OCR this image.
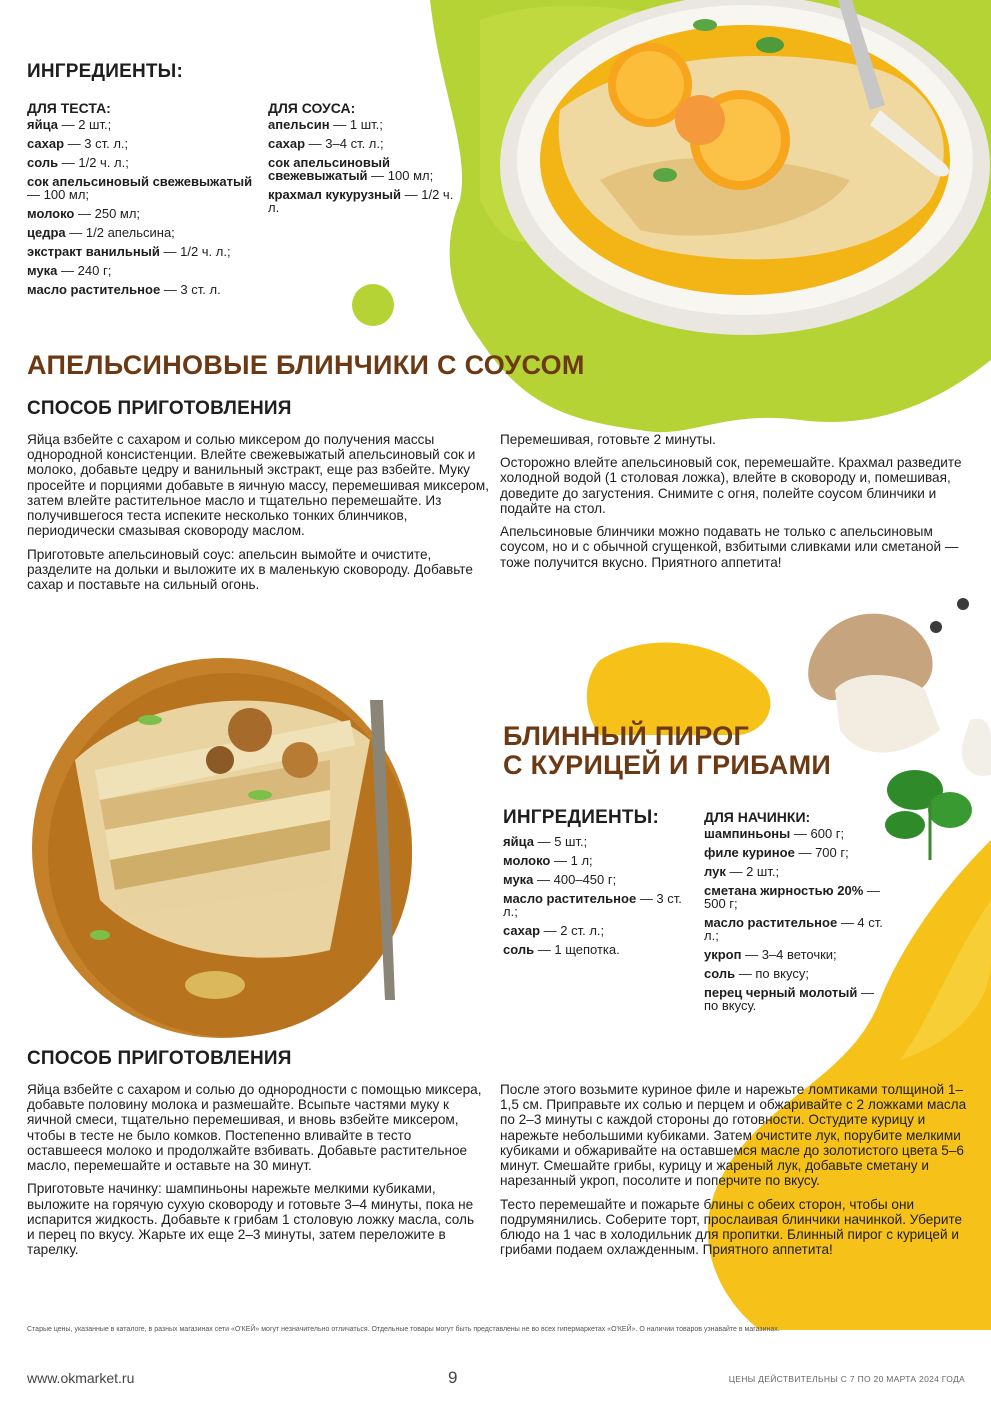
ИНГРЕДИЕНТЫ:
ДЛЯ ТЕСТА:
яйца — 2 шт.;
сахар — 3 ст. л.;
соль — 1/2 ч. л.;
сок апельсиновый свежевыжатый — 100 мл;
молоко — 250 мл;
цедра — 1/2 апельсина;
экстракт ванильный — 1/2 ч. л.;
мука — 240 г;
масло растительное — 3 ст. л.
ДЛЯ СОУСА:
апельсин — 1 шт.;
сахар — 3–4 ст. л.;
сок апельсиновый свежевыжатый — 100 мл;
крахмал кукурузный — 1/2 ч. л.
АПЕЛЬСИНОВЫЕ БЛИНЧИКИ С СОУСОМ
СПОСОБ ПРИГОТОВЛЕНИЯ

Яйца взбейте с сахаром и солью миксером до получения массы однородной консистенции. Влейте свежевыжатый апельсиновый сок и молоко, добавьте цедру и ванильный экстракт, еще раз взбейте. Муку просейте и порциями добавьте в яичную массу, перемешивая миксером, затем влейте растительное масло и тщательно перемешайте. Из получившегося теста испеките несколько тонких блинчиков, периодически смазывая сковороду маслом.

Приготовьте апельсиновый соус: апельсин вымойте и очистите, разделите на дольки и выложите их в маленькую сковороду. Добавьте сахар и поставьте на сильный огонь.

Перемешивая, готовьте 2 минуты.

Осторожно влейте апельсиновый сок, перемешайте. Крахмал разведите холодной водой (1 столовая ложка), влейте в сковороду и, помешивая, доведите до загустения. Снимите с огня, полейте соусом блинчики и подайте на стол.

Апельсиновые блинчики можно подавать не только с апельсиновым соусом, но и с обычной сгущенкой, взбитыми сливками или сметаной — тоже получится вкусно. Приятного аппетита!

БЛИННЫЙ ПИРОГ
С КУРИЦЕЙ И ГРИБАМИ
ИНГРЕДИЕНТЫ:
яйца — 5 шт.;
молоко — 1 л;
мука — 400–450 г;
масло растительное — 3 ст. л.;
сахар — 2 ст. л.;
соль — 1 щепотка.
ДЛЯ НАЧИНКИ:
шампиньоны — 600 г;
филе куриное — 700 г;
лук — 2 шт.;
сметана жирностью 20% — 500 г;
масло растительное — 4 ст. л.;
укроп — 3–4 веточки;
соль — по вкусу;
перец черный молотый — по вкусу.
СПОСОБ ПРИГОТОВЛЕНИЯ

Яйца взбейте с сахаром и солью до однородности с помощью миксера, добавьте половину молока и размешайте. Всыпьте частями муку к яичной смеси, тщательно перемешивая, и вновь взбейте миксером, чтобы в тесте не было комков. Постепенно вливайте в тесто оставшееся молоко и продолжайте взбивать. Добавьте растительное масло, перемешайте и оставьте на 30 минут.

Приготовьте начинку: шампиньоны нарежьте мелкими кубиками, выложите на горячую сухую сковороду и готовьте 3–4 минуты, пока не испарится жидкость. Добавьте к грибам 1 столовую ложку масла, соль и перец по вкусу. Жарьте их еще 2–3 минуты, затем переложите в тарелку.

После этого возьмите куриное филе и нарежьте ломтиками толщиной 1–1,5 см. Приправьте их солью и перцем и обжаривайте с 2 ложками масла по 2–3 минуты с каждой стороны до готовности. Остудите курицу и нарежьте небольшими кубиками. Затем очистите лук, порубите мелкими кубиками и обжаривайте на оставшемся масле до золотистого цвета 5–6 минут. Смешайте грибы, курицу и жареный лук, добавьте сметану и нарезанный укроп, посолите и поперчите по вкусу.

Тесто перемешайте и пожарьте блины с обеих сторон, чтобы они подрумянились. Соберите торт, прослаивая блинчики начинкой. Уберите блюдо на 1 час в холодильник для пропитки. Блинный пирог с курицей и грибами подаем охлажденным. Приятного аппетита!

Старые цены, указанные в каталоге, в разных магазинах сети «О'КЕЙ» могут незначительно отличаться. Отдельные товары могут быть представлены не во всех гипермаркетах «О'КЕЙ». О наличии товаров узнавайте в магазинах.
www.okmarket.ru	9	ЦЕНЫ ДЕЙСТВИТЕЛЬНЫ С 7 ПО 20 МАРТА 2024 ГОДА
